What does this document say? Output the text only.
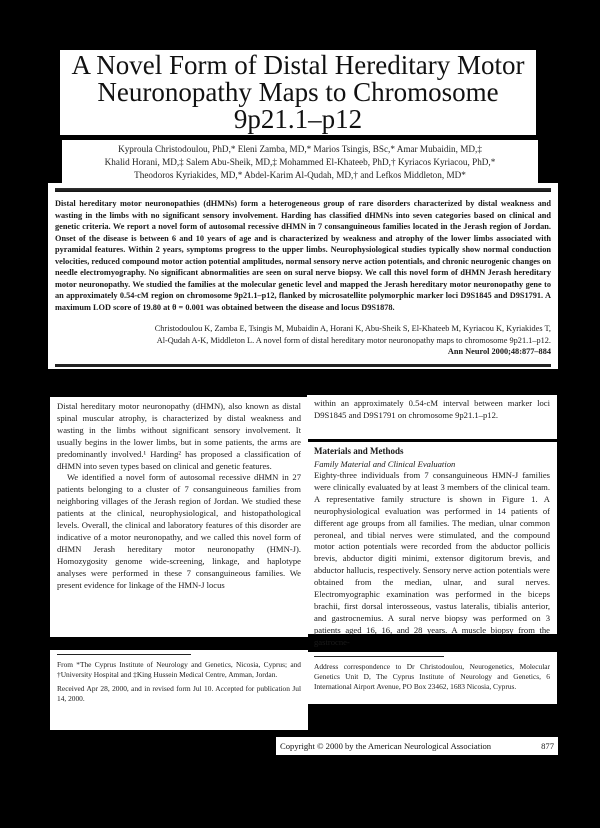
A Novel Form of Distal Hereditary Motor
Neuronopathy Maps to Chromosome
9p21.1–p12
Kyproula Christodoulou, PhD,* Eleni Zamba, MD,* Marios Tsingis, BSc,* Amar Mubaidin, MD,‡
Khalid Horani, MD,‡ Salem Abu-Sheik, MD,‡ Mohammed El-Khateeb, PhD,† Kyriacos Kyriacou, PhD,*
Theodoros Kyriakides, MD,* Abdel-Karim Al-Qudah, MD,† and Lefkos Middleton, MD*
Distal hereditary motor neuronopathies (dHMNs) form a heterogeneous group of rare disorders characterized by distal weakness and wasting in the limbs with no significant sensory involvement. Harding has classified dHMNs into seven categories based on clinical and genetic criteria. We report a novel form of autosomal recessive dHMN in 7 consanguineous families located in the Jerash region of Jordan. Onset of the disease is between 6 and 10 years of age and is characterized by weakness and atrophy of the lower limbs associated with pyramidal features. Within 2 years, symptoms progress to the upper limbs. Neurophysiological studies typically show normal conduction velocities, reduced compound motor action potential amplitudes, normal sensory nerve action potentials, and chronic neurogenic changes on needle electromyography. No significant abnormalities are seen on sural nerve biopsy. We call this novel form of dHMN Jerash hereditary motor neuronopathy. We studied the families at the molecular genetic level and mapped the Jerash hereditary motor neuronopathy gene to an approximately 0.54-cM region on chromosome 9p21.1–p12, flanked by microsatellite polymorphic marker loci D9S1845 and D9S1791. A maximum LOD score of 19.80 at θ = 0.001 was obtained between the disease and locus D9S1878.
Christodoulou K, Zamba E, Tsingis M, Mubaidin A, Horani K, Abu-Sheik S, El-Khateeb M, Kyriacou K, Kyriakides T, Al-Qudah A-K, Middleton L. A novel form of distal hereditary motor neuronopathy maps to chromosome 9p21.1–p12. Ann Neurol 2000;48:877–884

Distal hereditary motor neuronopathy (dHMN), also known as distal spinal muscular atrophy, is characterized by distal weakness and wasting in the limbs without significant sensory involvement. It usually begins in the lower limbs, but in some patients, the arms are predominantly involved.¹ Harding² has proposed a classification of dHMN into seven types based on clinical and genetic features.

We identified a novel form of autosomal recessive dHMN in 27 patients belonging to a cluster of 7 consanguineous families from neighboring villages of the Jerash region of Jordan. We studied these patients at the clinical, neurophysiological, and histopathological levels. Overall, the clinical and laboratory features of this disorder are indicative of a motor neuronopathy, and we called this novel form of dHMN Jerash hereditary motor neuronopathy (HMN-J). Homozygosity genome wide-screening, linkage, and haplotype analyses were performed in these 7 consanguineous families. We present evidence for linkage of the HMN-J locus

within an approximately 0.54-cM interval between marker loci D9S1845 and D9S1791 on chromosome 9p21.1–p12.
Materials and Methods
Family Material and Clinical Evaluation
Eighty-three individuals from 7 consanguineous HMN-J families were clinically evaluated by at least 3 members of the clinical team. A representative family structure is shown in Figure 1. A neurophysiological evaluation was performed in 14 patients of different age groups from all families. The median, ulnar common peroneal, and tibial nerves were stimulated, and the compound motor action potentials were recorded from the abductor pollicis brevis, abductor digiti minimi, extensor digitorum brevis, and abductor hallucis, respectively. Sensory nerve action potentials were obtained from the median, ulnar, and sural nerves. Electromyographic examination was performed in the biceps brachii, first dorsal interosseous, vastus lateralis, tibialis anterior, and gastrocnemius. A sural nerve biopsy was performed on 3 patients aged 16, 16, and 28 years. A muscle biopsy from the gastrocne-

From *The Cyprus Institute of Neurology and Genetics, Nicosia, Cyprus; and †University Hospital and ‡King Hussein Medical Centre, Amman, Jordan.

Received Apr 28, 2000, and in revised form Jul 10. Accepted for publication Jul 14, 2000.

Address correspondence to Dr Christodoulou, Neurogenetics, Molecular Genetics Unit D, The Cyprus Institute of Neurology and Genetics, 6 International Airport Avenue, PO Box 23462, 1683 Nicosia, Cyprus.

Copyright © 2000 by the American Neurological Association	877
